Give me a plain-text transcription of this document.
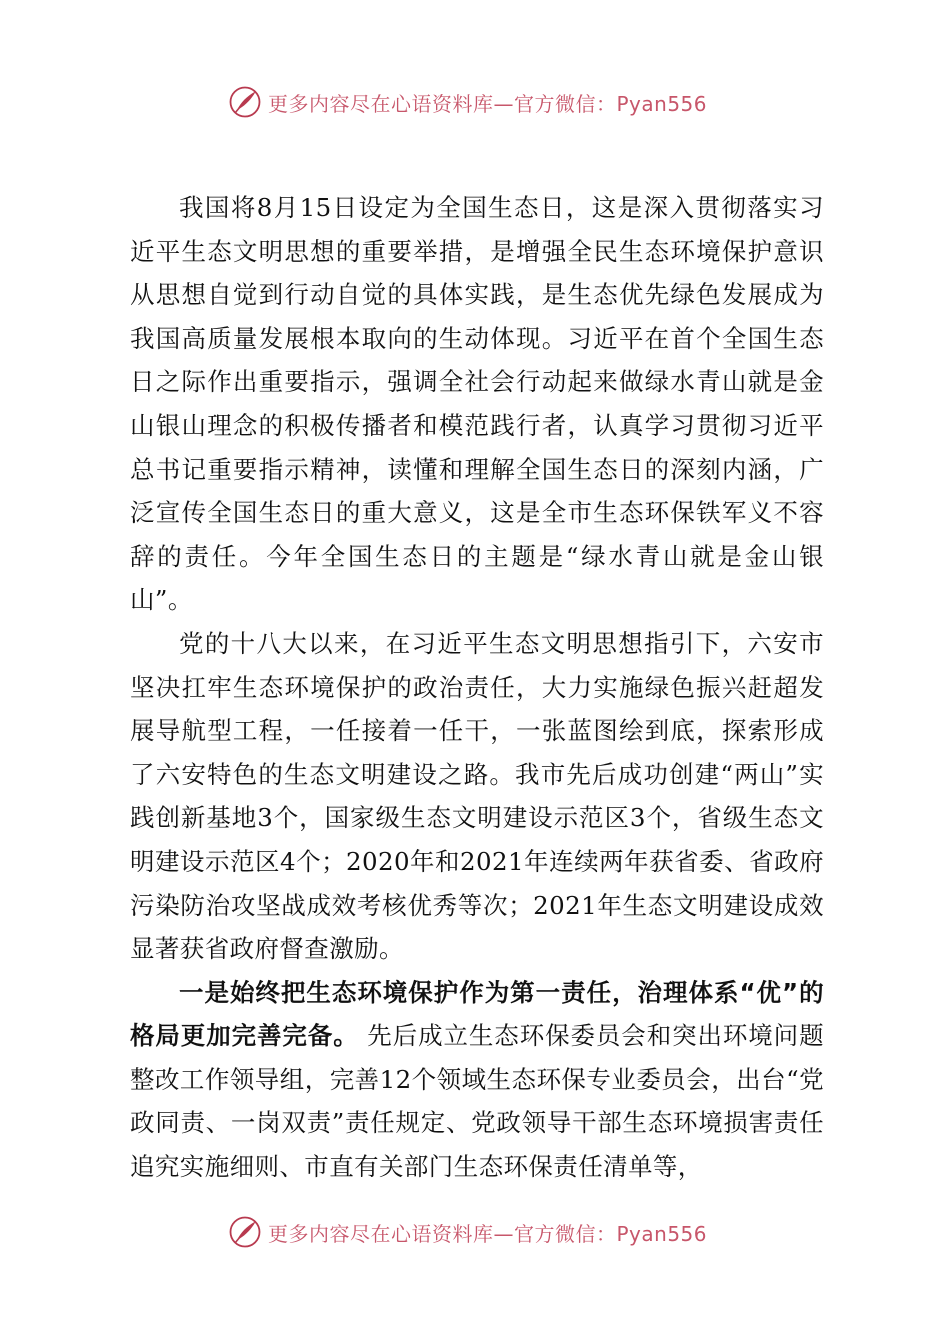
更多内容尽在心语资料库—官方微信：Pyan556

我国将8月15日设定为全国生态日，这是深入贯彻落实习近平生态文明思想的重要举措，是增强全民生态环境保护意识从思想自觉到行动自觉的具体实践，是生态优先绿色发展成为我国高质量发展根本取向的生动体现。习近平在首个全国生态日之际作出重要指示，强调全社会行动起来做绿水青山就是金山银山理念的积极传播者和模范践行者，认真学习贯彻习近平总书记重要指示精神，读懂和理解全国生态日的深刻内涵，广泛宣传全国生态日的重大意义，这是全市生态环保铁军义不容辞的责任。今年全国生态日的主题是“绿水青山就是金山银山”。

党的十八大以来，在习近平生态文明思想指引下，六安市坚决扛牢生态环境保护的政治责任，大力实施绿色振兴赶超发展导航型工程，一任接着一任干，一张蓝图绘到底，探索形成了六安特色的生态文明建设之路。我市先后成功创建“两山”实践创新基地3个，国家级生态文明建设示范区3个，省级生态文明建设示范区4个；2020年和2021年连续两年获省委、省政府污染防治攻坚战成效考核优秀等次；2021年生态文明建设成效显著获省政府督查激励。

一是始终把生态环境保护作为第一责任，治理体系“优”的格局更加完善完备。 先后成立生态环保委员会和突出环境问题整改工作领导组，完善12个领域生态环保专业委员会，出台“党政同责、一岗双责”责任规定、党政领导干部生态环境损害责任追究实施细则、市直有关部门生态环保责任清单等，

更多内容尽在心语资料库—官方微信：Pyan556
